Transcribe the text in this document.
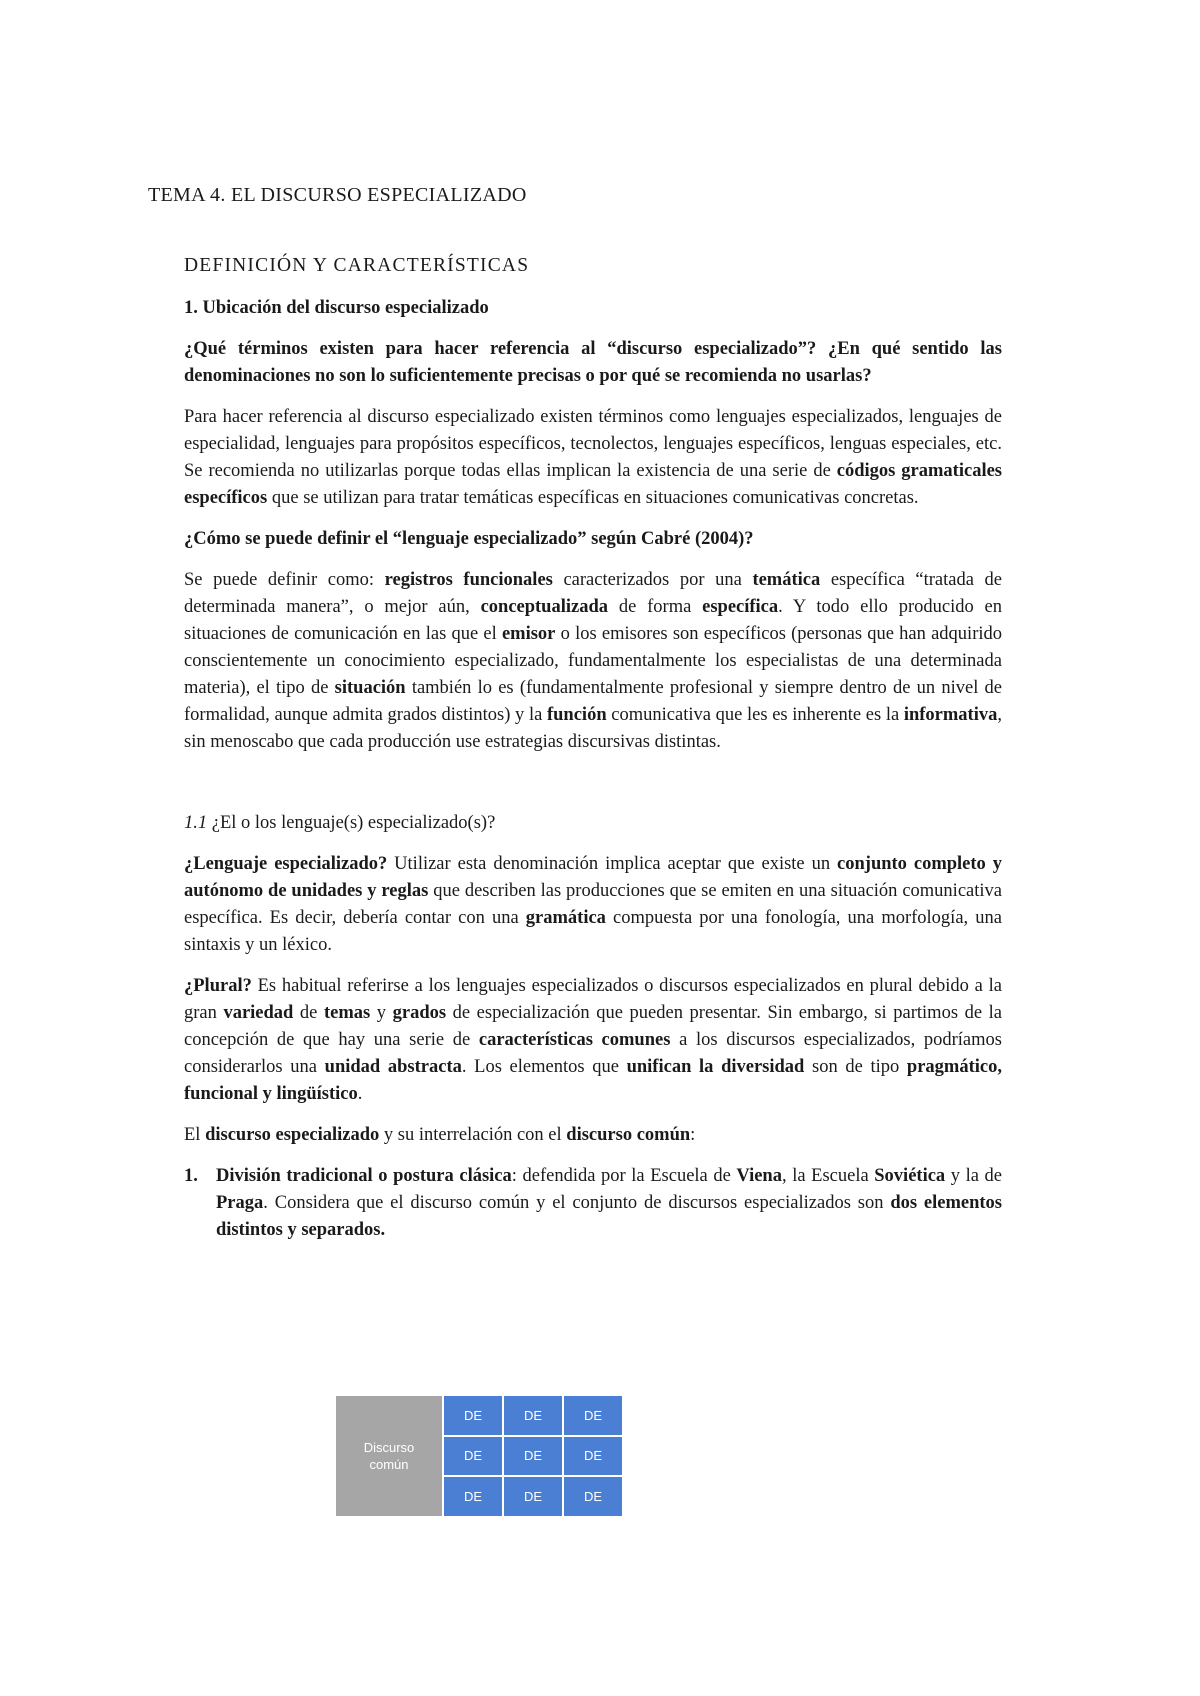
TEMA 4. EL DISCURSO ESPECIALIZADO

DEFINICIÓN Y CARACTERÍSTICAS

1. Ubicación del discurso especializado

¿Qué términos existen para hacer referencia al “discurso especializado”? ¿En qué sentido las denominaciones no son lo suficientemente precisas o por qué se recomienda no usarlas?

Para hacer referencia al discurso especializado existen términos como lenguajes especializados, lenguajes de especialidad, lenguajes para propósitos específicos, tecnolectos, lenguajes específicos, lenguas especiales, etc. Se recomienda no utilizarlas porque todas ellas implican la existencia de una serie de códigos gramaticales específicos que se utilizan para tratar temáticas específicas en situaciones comunicativas concretas.

¿Cómo se puede definir el “lenguaje especializado” según Cabré (2004)?

Se puede definir como: registros funcionales caracterizados por una temática específica “tratada de determinada manera”, o mejor aún, conceptualizada de forma específica. Y todo ello producido en situaciones de comunicación en las que el emisor o los emisores son específicos (personas que han adquirido conscientemente un conocimiento especializado, fundamentalmente los especialistas de una determinada materia), el tipo de situación también lo es (fundamentalmente profesional y siempre dentro de un nivel de formalidad, aunque admita grados distintos) y la función comunicativa que les es inherente es la informativa, sin menoscabo que cada producción use estrategias discursivas distintas.

1.1 ¿El o los lenguaje(s) especializado(s)?

¿Lenguaje especializado? Utilizar esta denominación implica aceptar que existe un conjunto completo y autónomo de unidades y reglas que describen las producciones que se emiten en una situación comunicativa específica. Es decir, debería contar con una gramática compuesta por una fonología, una morfología, una sintaxis y un léxico.

¿Plural? Es habitual referirse a los lenguajes especializados o discursos especializados en plural debido a la gran variedad de temas y grados de especialización que pueden presentar. Sin embargo, si partimos de la concepción de que hay una serie de características comunes a los discursos especializados, podríamos considerarlos una unidad abstracta. Los elementos que unifican la diversidad son de tipo pragmático, funcional y lingüístico.

El discurso especializado y su interrelación con el discurso común:

1. División tradicional o postura clásica: defendida por la Escuela de Viena, la Escuela Soviética y la de Praga. Considera que el discurso común y el conjunto de discursos especializados son dos elementos distintos y separados.
Discurso común
DE	DE	DE
DE	DE	DE
DE	DE	DE
